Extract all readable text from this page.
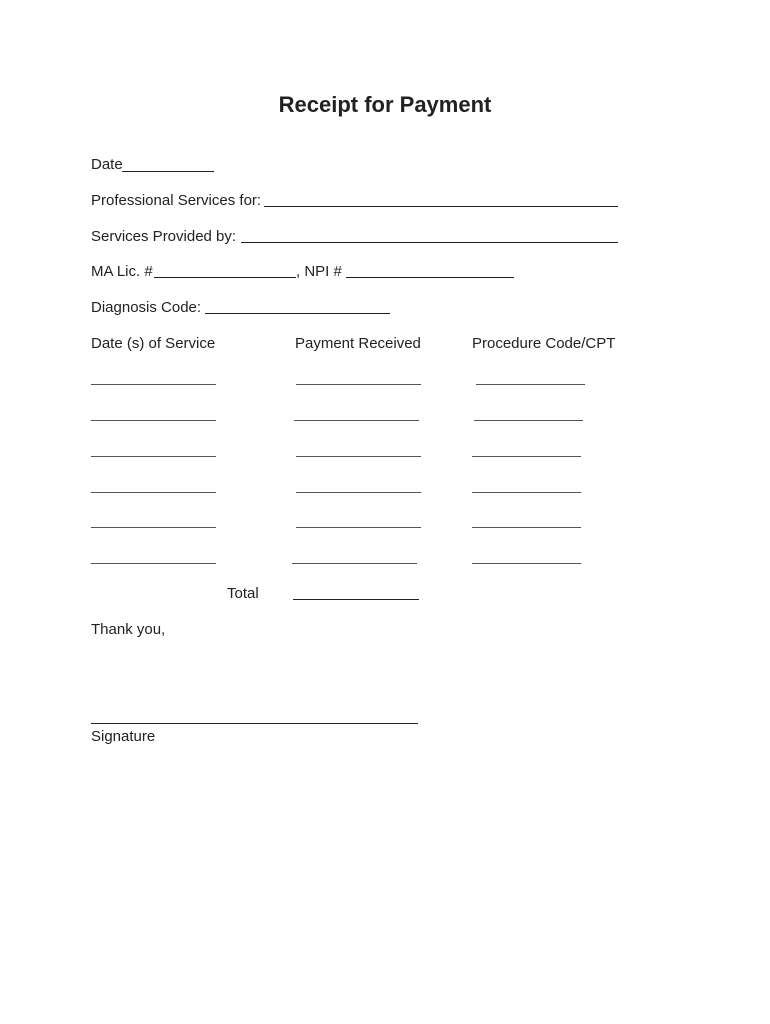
Receipt for Payment
Date
Professional Services for:
Services Provided by:
MA Lic. #	, NPI #
Diagnosis Code:
Date (s) of Service	Payment Received	Procedure Code/CPT
Total
Thank you,
Signature
